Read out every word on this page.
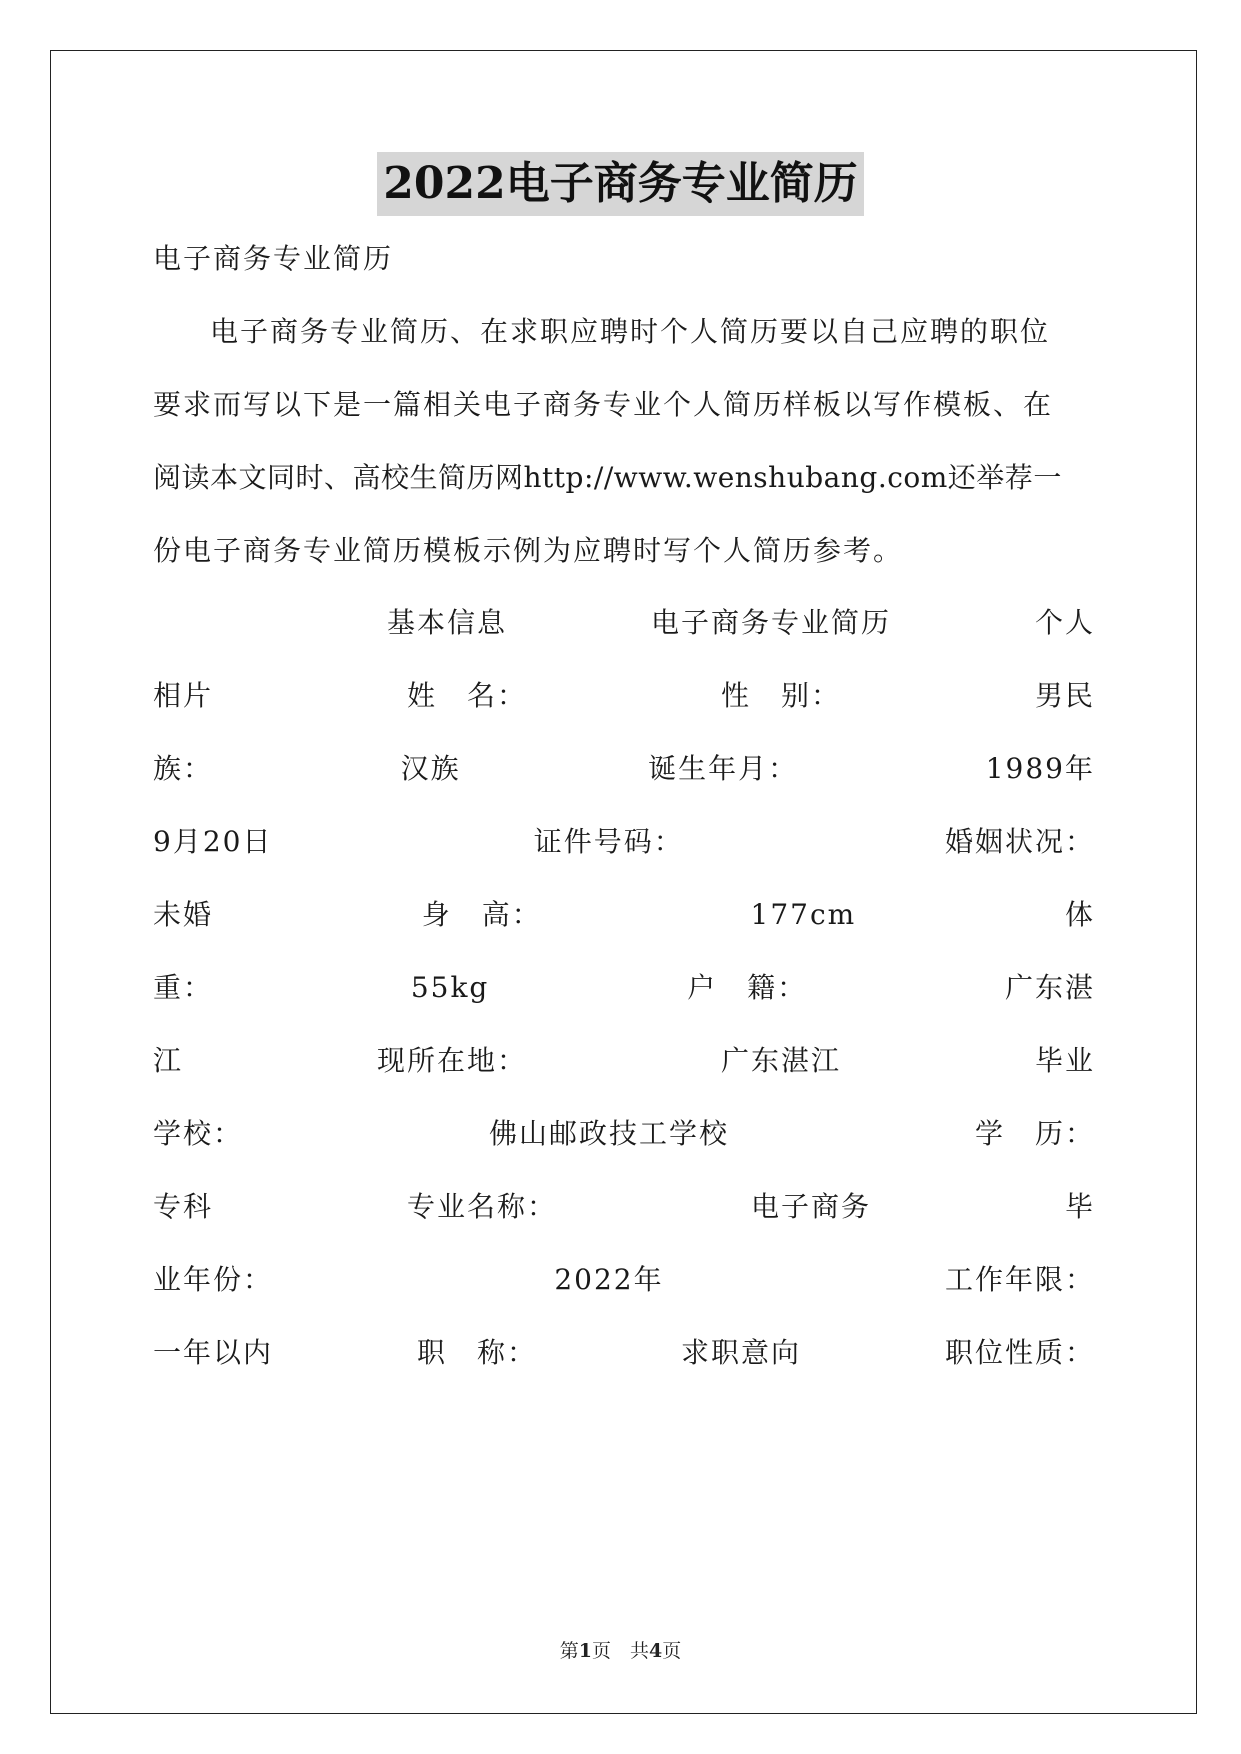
2022电子商务专业简历
电子商务专业简历
电子商务专业简历、在求职应聘时个人简历要以自己应聘的职位
要求而写以下是一篇相关电子商务专业个人简历样板以写作模板、在
阅读本文同时、高校生简历网http://www.wenshubang.com还举荐一
份电子商务专业简历模板示例为应聘时写个人简历参考。
基本信息	电子商务专业简历	个人
相片	姓　名：	性　别：	男民
族：	汉族	诞生年月：	1989年
9月20日	证件号码：	婚姻状况：
未婚	身　高：	177cm	体
重：	55kg	户　籍：	广东湛
江	现所在地：	广东湛江	毕业
学校：	佛山邮政技工学校	学　历：
专科	专业名称：	电子商务	毕
业年份：	2022年	工作年限：
一年以内	职　称：	求职意向	职位性质：
第1页　共4页
